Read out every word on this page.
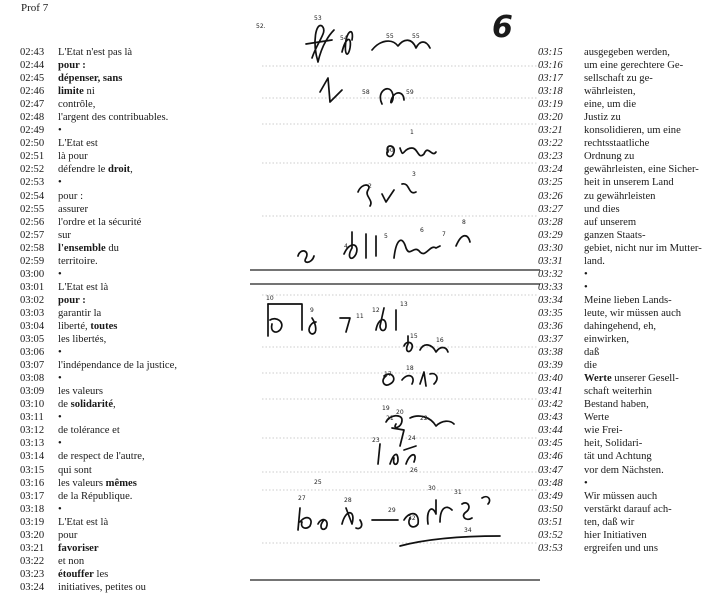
Prof 7
6
02:43	L'Etat n'est pas là
02:44	pour :
02:45	dépenser, sans
02:46	limite ni
02:47	contrôle,
02:48	l'argent des contribuables.
02:49	•
02:50	L'Etat est
02:51	là pour
02:52	défendre le droit,
02:53	•
02:54	pour :
02:55	assurer
02:56	l'ordre et la sécurité
02:57	sur
02:58	l'ensemble du
02:59	territoire.
03:00	•
03:01	L'Etat est là
03:02	pour :
03:03	garantir la
03:04	liberté, toutes
03:05	les libertés,
03:06	•
03:07	l'indépendance de la justice,
03:08	•
03:09	les valeurs
03:10	de solidarité,
03:11	•
03:12	de tolérance et
03:13	•
03:14	de respect de l'autre,
03:15	qui sont
03:16	les valeurs mêmes
03:17	de la République.
03:18	•
03:19	L'Etat est là
03:20	pour
03:21	favoriser
03:22	et non
03:23	étouffer les
03:24	initiatives, petites ou
03:15	ausgegeben werden,
03:16	um eine gerechtere Ge-
03:17	sellschaft zu ge-
03:18	währleisten,
03:19	eine, um die
03:20	Justiz zu
03:21	konsolidieren, um eine
03:22	rechtsstaatliche
03:23	Ordnung zu
03:24	gewährleisten, eine Sicher-
03:25	heit in unserem Land
03:26	zu gewährleisten
03:27	und dies
03:28	auf unserem
03:29	ganzen Staats-
03:30	gebiet, nicht nur im Mutter-
03:31	land.
03:32	•
03:33	•
03:34	Meine lieben Lands-
03:35	leute, wir müssen auch
03:36	dahingehend, eh,
03:37	einwirken,
03:38	daß
03:39	die
03:40	Werte unserer Gesell-
03:41	schaft weiterhin
03:42	Bestand haben,
03:43	Werte
03:44	wie Frei-
03:45	heit, Solidari-
03:46	tät und Achtung
03:47	vor dem Nächsten.
03:48	•
03:49	Wir müssen auch
03:50	verstärkt darauf ach-
03:51	ten, daß wir
03:52	hier Initiativen
03:53	ergreifen und uns
52.
53
54	55	55
58	59
00
1
2
3
4
5
6
7
8
10
9
11
12
13
15
16
17
18
19
20
21	22
23	24
25
26
27	28
29
30
31
32
34
